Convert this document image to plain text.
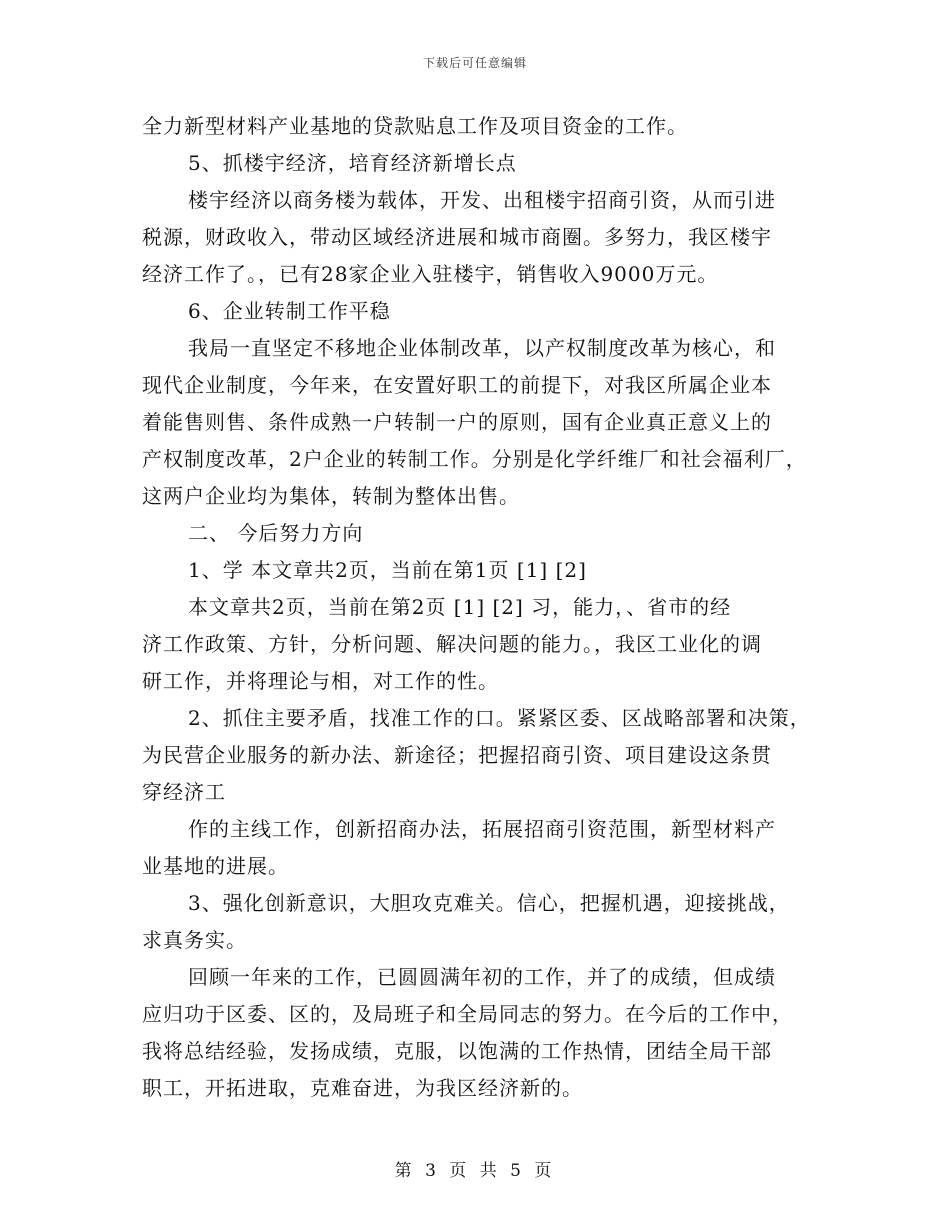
下载后可任意编辑
全力新型材料产业基地的贷款贴息工作及项目资金的工作。
5、抓楼宇经济，培育经济新增长点
楼宇经济以商务楼为载体，开发、出租楼宇招商引资，从而引进
税源，财政收入，带动区域经济进展和城市商圈。多努力，我区楼宇
经济工作了。，已有28家企业入驻楼宇，销售收入9000万元。
6、企业转制工作平稳
我局一直坚定不移地企业体制改革，以产权制度改革为核心，和
现代企业制度，今年来，在安置好职工的前提下，对我区所属企业本
着能售则售、条件成熟一户转制一户的原则，国有企业真正意义上的
产权制度改革，2户企业的转制工作。分别是化学纤维厂和社会福利厂，
这两户企业均为集体，转制为整体出售。
二、 今后努力方向
1、学 本文章共2页，当前在第1页 [1] [2]
本文章共2页，当前在第2页 [1] [2] 习，能力，、省市的经
济工作政策、方针，分析问题、解决问题的能力。，我区工业化的调
研工作，并将理论与相，对工作的性。
2、抓住主要矛盾，找准工作的口。紧紧区委、区战略部署和决策，
为民营企业服务的新办法、新途径；把握招商引资、项目建设这条贯
穿经济工
作的主线工作，创新招商办法，拓展招商引资范围，新型材料产
业基地的进展。
3、强化创新意识，大胆攻克难关。信心，把握机遇，迎接挑战，
求真务实。
回顾一年来的工作，已圆圆满年初的工作，并了的成绩，但成绩
应归功于区委、区的，及局班子和全局同志的努力。在今后的工作中，
我将总结经验，发扬成绩，克服，以饱满的工作热情，团结全局干部
职工，开拓进取，克难奋进，为我区经济新的。
第 3 页 共 5 页
